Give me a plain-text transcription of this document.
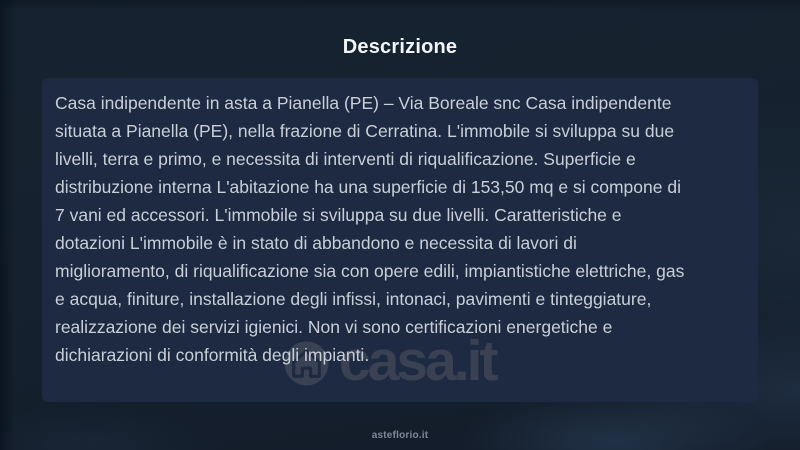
Descrizione
casa.it
Casa indipendente in asta a Pianella (PE) – Via Boreale snc Casa indipendente
situata a Pianella (PE), nella frazione di Cerratina. L'immobile si sviluppa su due
livelli, terra e primo, e necessita di interventi di riqualificazione. Superficie e
distribuzione interna L'abitazione ha una superficie di 153,50 mq e si compone di
7 vani ed accessori. L'immobile si sviluppa su due livelli. Caratteristiche e
dotazioni L'immobile è in stato di abbandono e necessita di lavori di
miglioramento, di riqualificazione sia con opere edili, impiantistiche elettriche, gas
e acqua, finiture, installazione degli infissi, intonaci, pavimenti e tinteggiature,
realizzazione dei servizi igienici. Non vi sono certificazioni energetiche e
dichiarazioni di conformità degli impianti.
asteflorio.it
